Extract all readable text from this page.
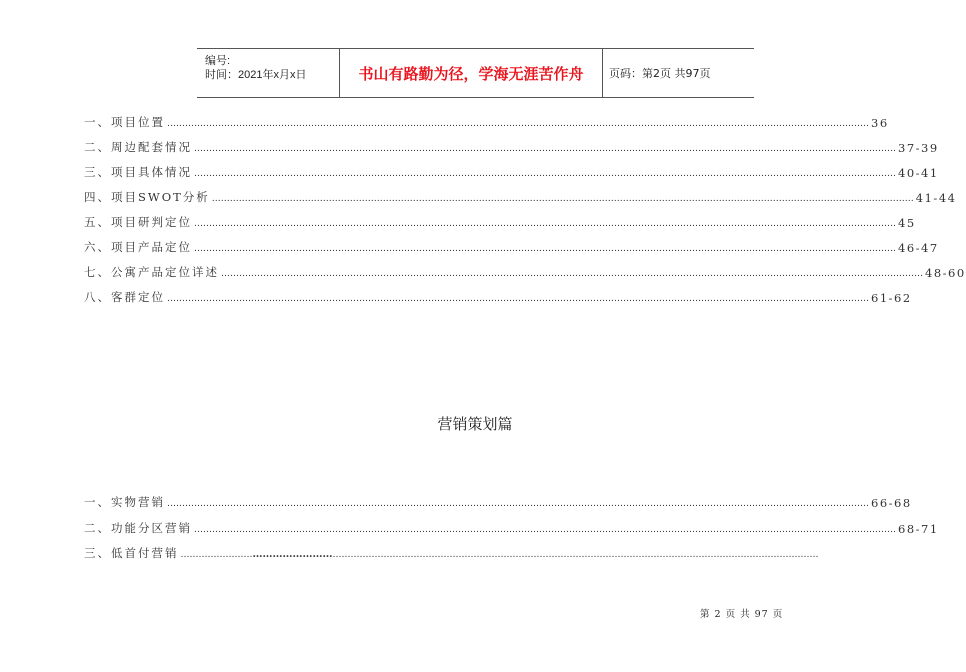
编号:
时间：2021年x月x日	书山有路勤为径，学海无涯苦作舟	页码：第2页 共97页
一、项目位置 ……………………………………………………………………………………………………………………………………………………………………………………………………………… 36
二、周边配套情况 ……………………………………………………………………………………………………………………………………………………………………………………………………………… 37-39
三、项目具体情况 ……………………………………………………………………………………………………………………………………………………………………………………………………………… 40-41
四、项目SWOT分析 ……………………………………………………………………………………………………………………………………………………………………………………………………………… 41-44
五、项目研判定位 ……………………………………………………………………………………………………………………………………………………………………………………………………………… 45
六、项目产品定位 ……………………………………………………………………………………………………………………………………………………………………………………………………………… 46-47
七、公寓产品定位详述 ……………………………………………………………………………………………………………………………………………………………………………………………………………… 48-60
八、客群定位 ……………………………………………………………………………………………………………………………………………………………………………………………………………… 61-62
营销策划篇
一、实物营销 ……………………………………………………………………………………………………………………………………………………………………………………………………………… 66-68
二、功能分区营销 ……………………………………………………………………………………………………………………………………………………………………………………………………………… 68-71
三、低首付营销 …………………………………………………………………………………………………………………………………………………………………………………………
第 2 页 共 97 页
